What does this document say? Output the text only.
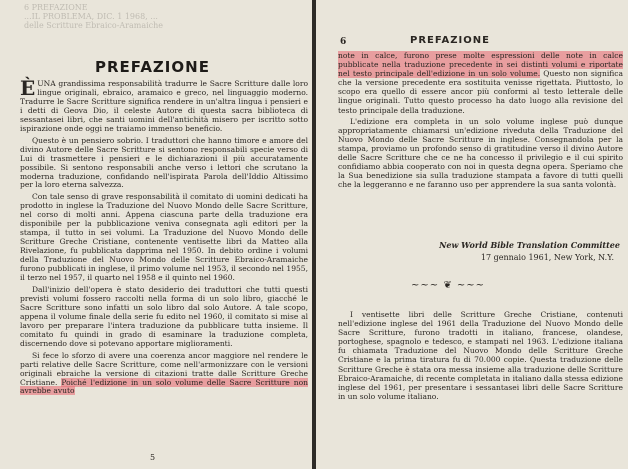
6 PREFAZIONE
...IL PROBLEMA, DIC. 1 1968, ...
delle Scritture Ebraico-Aramaiche
PREFAZIONE

È UNA grandissima responsabilità tradurre le Sacre Scritture dalle loro lingue originali, ebraico, aramaico e greco, nel linguaggio moderno. Tradurre le Sacre Scritture significa rendere in un'altra lingua i pensieri e i detti di Geova Dio, il celeste Autore di questa sacra biblioteca di sessantasei libri, che santi uomini dell'antichità misero per iscritto sotto ispirazione onde oggi ne traiamo immenso beneficio.

Questo è un pensiero sobrio. I traduttori che hanno timore e amore del divino Autore delle Sacre Scritture si sentono responsabili specie verso di Lui di trasmettere i pensieri e le dichiarazioni il più accuratamente possibile. Si sentono responsabili anche verso i lettori che scrutano la moderna traduzione, confidando nell'ispirata Parola dell'Iddio Altissimo per la loro eterna salvezza.

Con tale senso di grave responsabilità il comitato di uomini dedicati ha prodotto in inglese la Traduzione del Nuovo Mondo delle Sacre Scritture, nel corso di molti anni. Appena ciascuna parte della traduzione era disponibile per la pubblicazione veniva consegnata agli editori per la stampa, il tutto in sei volumi. La Traduzione del Nuovo Mondo delle Scritture Greche Cristiane, contenente ventisette libri da Matteo alla Rivelazione, fu pubblicata dapprima nel 1950. In debito ordine i volumi della Traduzione del Nuovo Mondo delle Scritture Ebraico-Aramaiche furono pubblicati in inglese, il primo volume nel 1953, il secondo nel 1955, il terzo nel 1957, il quarto nel 1958 e il quinto nel 1960.

Dall'inizio dell'opera è stato desiderio dei traduttori che tutti questi previsti volumi fossero raccolti nella forma di un solo libro, giacché le Sacre Scritture sono infatti un solo libro dal solo Autore. A tale scopo, appena il volume finale della serie fu edito nel 1960, il comitato si mise al lavoro per preparare l'intera traduzione da pubblicare tutta insieme. Il comitato fu quindi in grado di esaminare la traduzione completa, discernendo dove si potevano apportare miglioramenti.

Si fece lo sforzo di avere una coerenza ancor maggiore nel rendere le parti relative delle Sacre Scritture, come nell'armonizzare con le versioni originali ebraiche la versione di citazioni tratte dalle Scritture Greche Cristiane. Poiché l'edizione in un solo volume delle Sacre Scritture non avrebbe avuto

5
6	PREFAZIONE

note in calce, furono prese molte espressioni delle note in calce pubblicate nella traduzione precedente in sei distinti volumi e riportate nel testo principale dell'edizione in un solo volume. Questo non significa che la versione precedente era sostituita venisse rigettata. Piuttosto, lo scopo era quello di essere ancor più conformi al testo letterale delle lingue originali. Tutto questo processo ha dato luogo alla revisione del testo principale della traduzione.

L'edizione era completa in un solo volume inglese può dunque appropriatamente chiamarsi un'edizione riveduta della Traduzione del Nuovo Mondo delle Sacre Scritture in inglese. Consegnandola per la stampa, proviamo un profondo senso di gratitudine verso il divino Autore delle Sacre Scritture che ce ne ha concesso il privilegio e il cui spirito confidiamo abbia cooperato con noi in questa degna opera. Speriamo che la Sua benedizione sia sulla traduzione stampata a favore di tutti quelli che la leggeranno e ne faranno uso per apprendere la sua santa volontà.

New World Bible Translation Committee
17 gennaio 1961, New York, N.Y.
~~~ ❦ ~~~

I ventisette libri delle Scritture Greche Cristiane, contenuti nell'edizione inglese del 1961 della Traduzione del Nuovo Mondo delle Sacre Scritture, furono tradotti in italiano, francese, olandese, portoghese, spagnolo e tedesco, e stampati nel 1963. L'edizione italiana fu chiamata Traduzione del Nuovo Mondo delle Scritture Greche Cristiane e la prima tiratura fu di 70.000 copie. Questa traduzione delle Scritture Greche è stata ora messa insieme alla traduzione delle Scritture Ebraico-Aramaiche, di recente completata in italiano dalla stessa edizione inglese del 1961, per presentare i sessantasei libri delle Sacre Scritture in un solo volume italiano.
